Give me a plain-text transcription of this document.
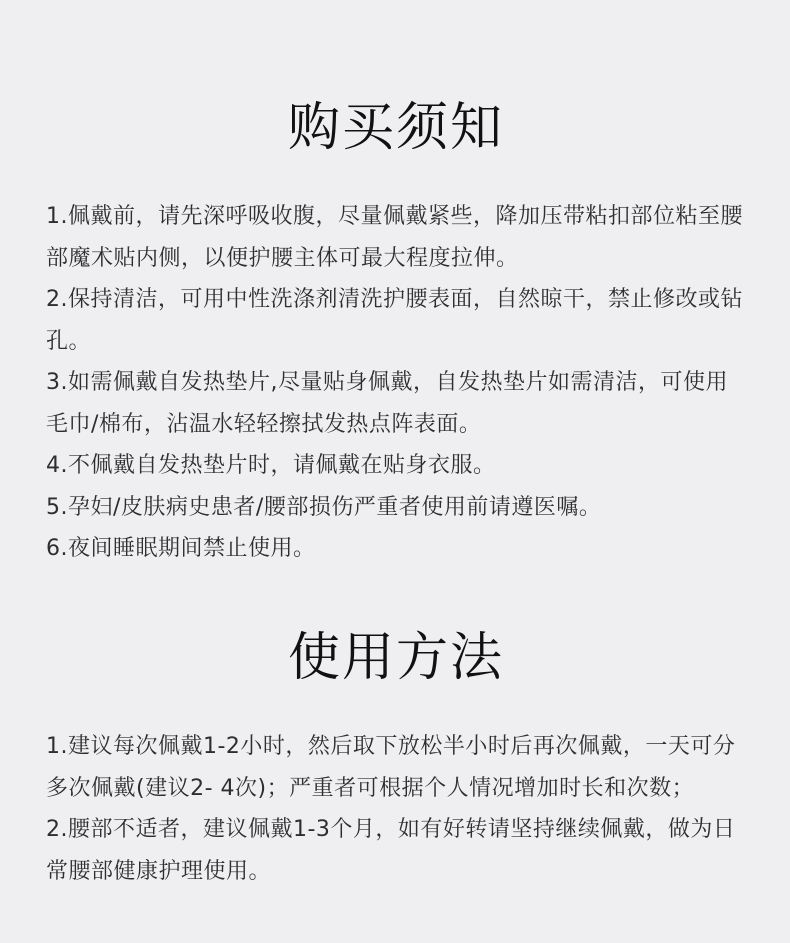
购买须知

1.佩戴前，请先深呼吸收腹，尽量佩戴紧些，降加压带粘扣部位粘至腰部魔术贴内侧，以便护腰主体可最大程度拉伸。

2.保持清洁，可用中性洗涤剂清洗护腰表面，自然晾干，禁止修改或钻孔。

3.如需佩戴自发热垫片,尽量贴身佩戴，自发热垫片如需清洁，可使用毛巾/棉布，沾温水轻轻擦拭发热点阵表面。

4.不佩戴自发热垫片时，请佩戴在贴身衣服。

5.孕妇/皮肤病史患者/腰部损伤严重者使用前请遵医嘱。

6.夜间睡眠期间禁止使用。

使用方法

1.建议每次佩戴1-2小时，然后取下放松半小时后再次佩戴，一天可分多次佩戴(建议2- 4次)；严重者可根据个人情况增加时长和次数；

2.腰部不适者，建议佩戴1-3个月，如有好转请坚持继续佩戴，做为日常腰部健康护理使用。
